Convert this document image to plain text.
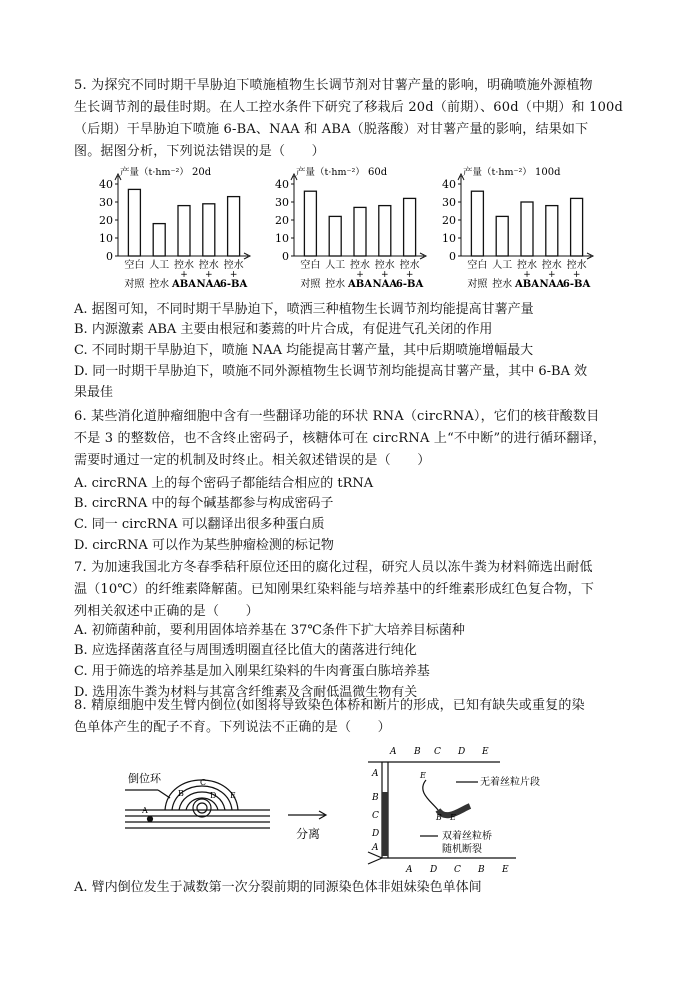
5. 为探究不同时期干旱胁迫下喷施植物生长调节剂对甘薯产量的影响，明确喷施外源植物

生长调节剂的最佳时期。在人工控水条件下研究了移栽后 20d（前期）、60d（中期）和 100d

（后期）干旱胁迫下喷施 6-BA、NAA 和 ABA（脱落酸）对甘薯产量的影响，结果如下

图。据图分析，下列说法错误的是（　　）

0
10
20
30
40
产量（t·hm⁻²） 20d
空白
对照
人工
控水
控水
+
ABA
控水
+
NAA
控水
+
6-BA
0
10
20
30
40
产量（t·hm⁻²） 60d
空白
对照
人工
控水
控水
+
ABA
控水
+
NAA
控水
+
6-BA
0
10
20
30
40
产量（t·hm⁻²） 100d
空白
对照
人工
控水
控水
+
ABA
控水
+
NAA
控水
+
6-BA

A. 据图可知，不同时期干旱胁迫下，喷洒三种植物生长调节剂均能提高甘薯产量

B. 内源激素 ABA 主要由根冠和萎蔫的叶片合成，有促进气孔关闭的作用

C. 不同时期干旱胁迫下，喷施 NAA 均能提高甘薯产量，其中后期喷施增幅最大

D. 同一时期干旱胁迫下，喷施不同外源植物生长调节剂均能提高甘薯产量，其中 6-BA 效

果最佳

6. 某些消化道肿瘤细胞中含有一些翻译功能的环状 RNA（circRNA），它们的核苷酸数目

不是 3 的整数倍，也不含终止密码子，核糖体可在 circRNA 上“不中断”的进行循环翻译，

需要时通过一定的机制及时终止。相关叙述错误的是（　　）

A. circRNA 上的每个密码子都能结合相应的 tRNA

B. circRNA 中的每个碱基都参与构成密码子

C. 同一 circRNA 可以翻译出很多种蛋白质

D. circRNA 可以作为某些肿瘤检测的标记物

7. 为加速我国北方冬春季秸秆原位还田的腐化过程，研究人员以冻牛粪为材料筛选出耐低

温（10℃）的纤维素降解菌。已知刚果红染料能与培养基中的纤维素形成红色复合物，下

列相关叙述中正确的是（　　）

A. 初筛菌种前，要利用固体培养基在 37℃条件下扩大培养目标菌种

B. 应选择菌落直径与周围透明圈直径比值大的菌落进行纯化

C. 用于筛选的培养基是加入刚果红染料的牛肉膏蛋白胨培养基

D. 选用冻牛粪为材料与其富含纤维素及含耐低温微生物有关

8. 精原细胞中发生臂内倒位(如图将导致染色体桥和断片的形成，已知有缺失或重复的染

色单体产生的配子不育。下列说法不正确的是（　　）

倒位环
A
B
C
D E
分离
A B C D E
A
B
C
D
A
E
B E
A D C B E
无着丝粒片段
双着丝粒桥
随机断裂

A. 臂内倒位发生于减数第一次分裂前期的同源染色体非姐妹染色单体间
